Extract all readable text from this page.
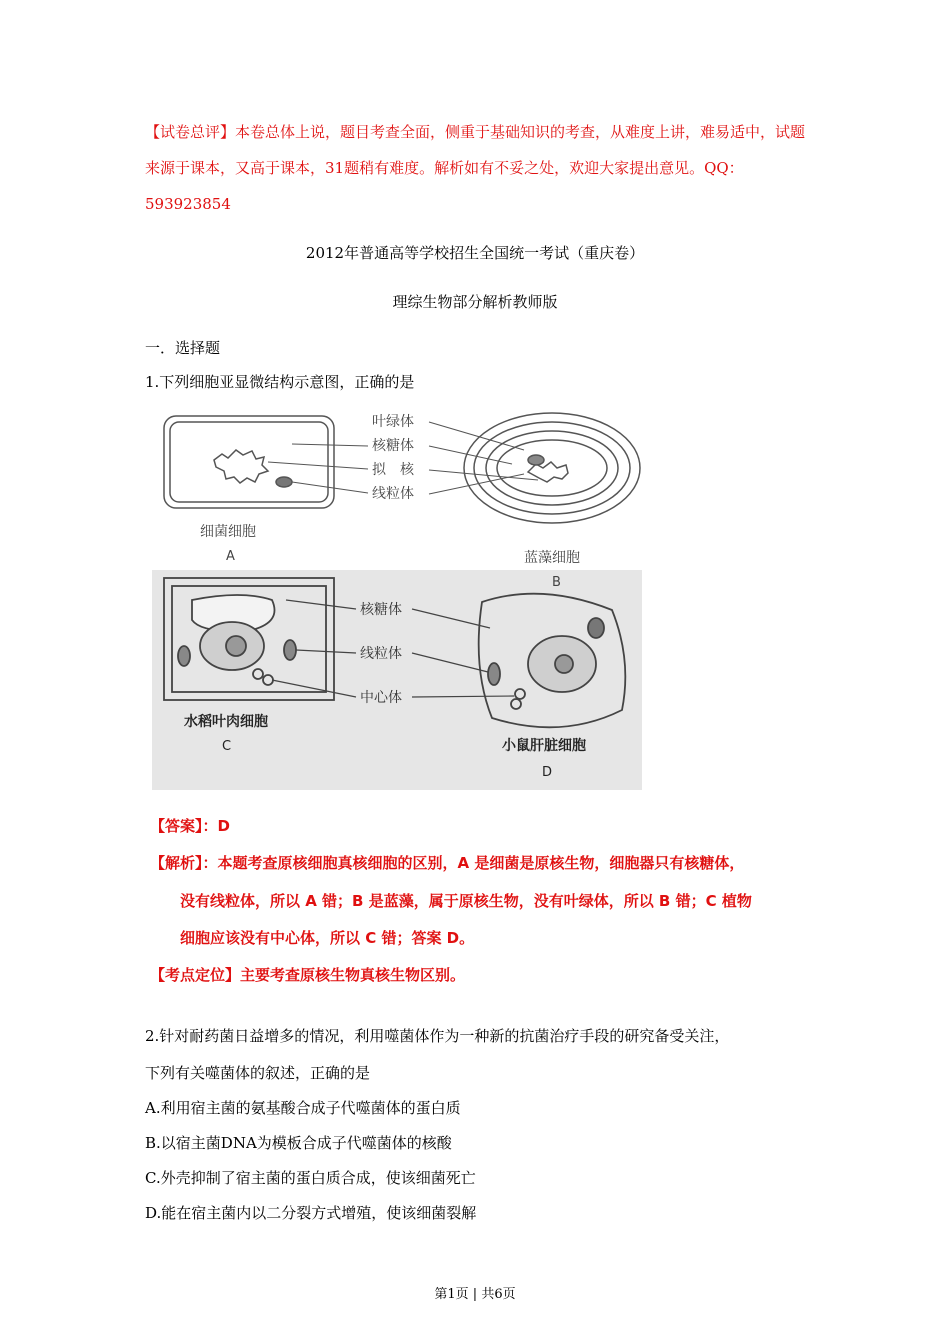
【试卷总评】本卷总体上说，题目考查全面，侧重于基础知识的考查，从难度上讲，难易适中，试题来源于课本，又高于课本，31题稍有难度。解析如有不妥之处，欢迎大家提出意见。QQ：593923854
2012年普通高等学校招生全国统一考试（重庆卷）
理综生物部分解析教师版
一．选择题
1.下列细胞亚显微结构示意图，正确的是
细菌细胞
A
叶绿体
核糖体
拟　核
线粒体
蓝藻细胞
B
水稻叶肉细胞
C
核糖体
线粒体
中心体
小鼠肝脏细胞
D
【答案】：D
【解析】：本题考查原核细胞真核细胞的区别，A 是细菌是原核生物，细胞器只有核糖体，
没有线粒体，所以 A 错；B 是蓝藻，属于原核生物，没有叶绿体，所以 B 错；C 植物
细胞应该没有中心体，所以 C 错；答案 D。
【考点定位】主要考查原核生物真核生物区别。
2.针对耐药菌日益增多的情况，利用噬菌体作为一种新的抗菌治疗手段的研究备受关注，
下列有关噬菌体的叙述，正确的是
A.利用宿主菌的氨基酸合成子代噬菌体的蛋白质
B.以宿主菌DNA为模板合成子代噬菌体的核酸
C.外壳抑制了宿主菌的蛋白质合成，使该细菌死亡
D.能在宿主菌内以二分裂方式增殖，使该细菌裂解
第1页 | 共6页
